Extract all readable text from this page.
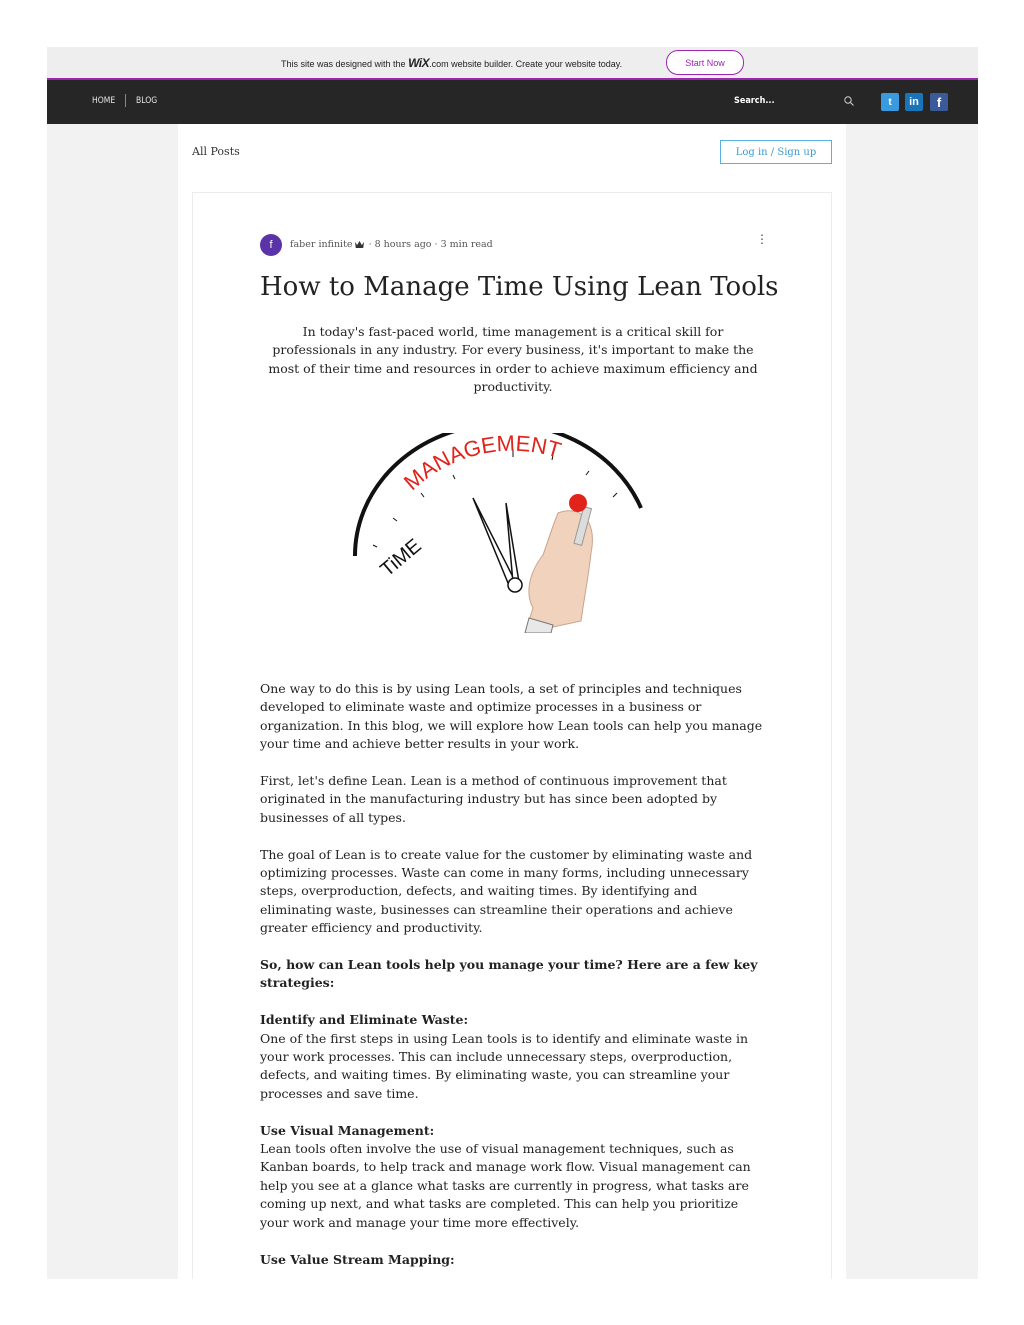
This site was designed with the WiX.com website builder. Create your website today.	Start Now
HOME BLOG	Search...	t	in	f
All Posts	Log in / Sign up
f	faber infinite · 8 hours ago · 3 min read	⋮
How to Manage Time Using Lean Tools
In today's fast-paced world, time management is a critical skill for professionals in any industry. For every business, it's important to make the most of their time and resources in order to achieve maximum efficiency and productivity.
TiME
MANAGEMENT

One way to do this is by using Lean tools, a set of principles and techniques developed to eliminate waste and optimize processes in a business or organization. In this blog, we will explore how Lean tools can help you manage your time and achieve better results in your work.

First, let's define Lean. Lean is a method of continuous improvement that originated in the manufacturing industry but has since been adopted by businesses of all types.

The goal of Lean is to create value for the customer by eliminating waste and optimizing processes. Waste can come in many forms, including unnecessary steps, overproduction, defects, and waiting times. By identifying and eliminating waste, businesses can streamline their operations and achieve greater efficiency and productivity.

So, how can Lean tools help you manage your time? Here are a few key strategies:

Identify and Eliminate Waste:
One of the first steps in using Lean tools is to identify and eliminate waste in your work processes. This can include unnecessary steps, overproduction, defects, and waiting times. By eliminating waste, you can streamline your processes and save time.

Use Visual Management:
Lean tools often involve the use of visual management techniques, such as Kanban boards, to help track and manage work flow. Visual management can help you see at a glance what tasks are currently in progress, what tasks are coming up next, and what tasks are completed. This can help you prioritize your work and manage your time more effectively.

Use Value Stream Mapping:
